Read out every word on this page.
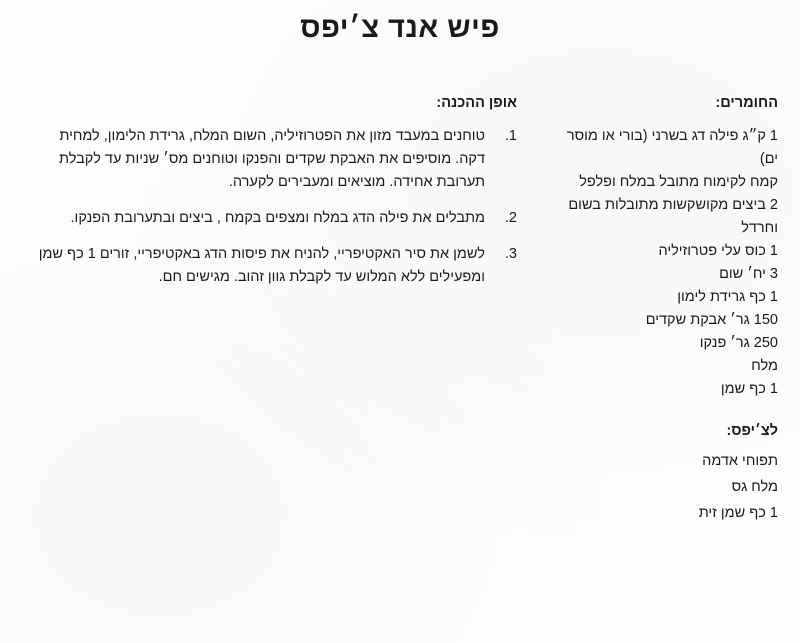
פיש אנד צ׳יפס
החומרים:
1 ק״ג פילה דג בשרני (בורי או מוסר ים)
קמח לקימוח מתובל במלח ופלפל
2 ביצים מקושקשות מתובלות בשום וחרדל
1 כוס עלי פטרוזיליה
3 יח׳ שום
1 כף גרידת לימון
150 גר׳ אבקת שקדים
250 גר׳ פנקו
מלח
1 כף שמן
לצ׳יפס:
תפוחי אדמה
מלח גס
1 כף שמן זית
אופן ההכנה:
1.
טוחנים במעבד מזון את הפטרוזיליה, השום המלח, גרידת הלימון, למחית דקה. מוסיפים את האבקת שקדים והפנקו וטוחנים מס׳ שניות עד לקבלת תערובת אחידה. מוציאים ומעבירים לקערה.
2.
מתבלים את פילה הדג במלח ומצפים בקמח , ביצים ובתערובת הפנקו.
3.
לשמן את סיר האקטיפריי, להניח את פיסות הדג באקטיפריי, זורים 1 כף שמן ומפעילים ללא המלוש עד לקבלת גוון זהוב. מגישים חם.
